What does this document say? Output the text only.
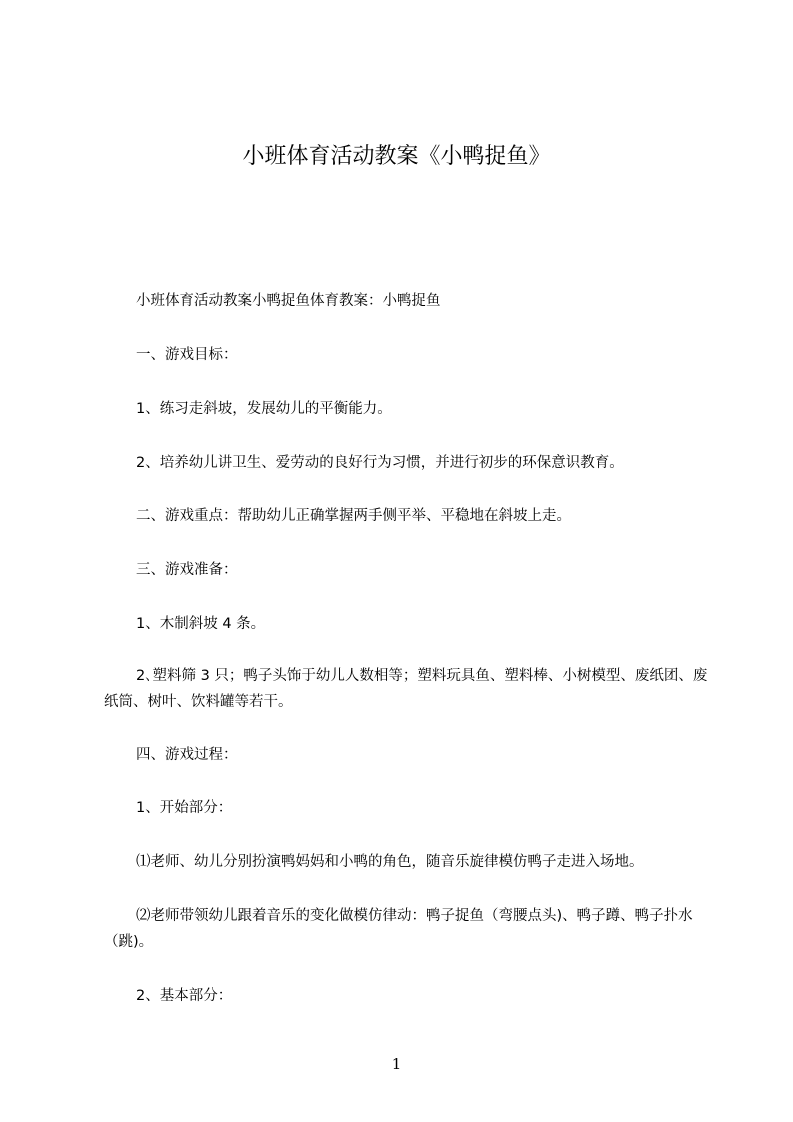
小班体育活动教案《小鸭捉鱼》
小班体育活动教案小鸭捉鱼体育教案：小鸭捉鱼
一、游戏目标：
1、练习走斜坡，发展幼儿的平衡能力。
2、培养幼儿讲卫生、爱劳动的良好行为习惯，并进行初步的环保意识教育。
二、游戏重点：帮助幼儿正确掌握两手侧平举、平稳地在斜坡上走。
三、游戏准备：
1、木制斜坡 4 条。
2､塑料筛 3 只；鸭子头饰于幼儿人数相等；塑料玩具鱼、塑料棒、小树模型、废纸团、废纸筒、树叶、饮料罐等若干。
四、游戏过程：
1、开始部分：
⑴老师、幼儿分别扮演鸭妈妈和小鸭的角色，随音乐旋律模仿鸭子走进入场地。
⑵老师带领幼儿跟着音乐的变化做模仿律动：鸭子捉鱼（弯腰点头)、鸭子蹲、鸭子扑水（跳)。
2、基本部分：
1
